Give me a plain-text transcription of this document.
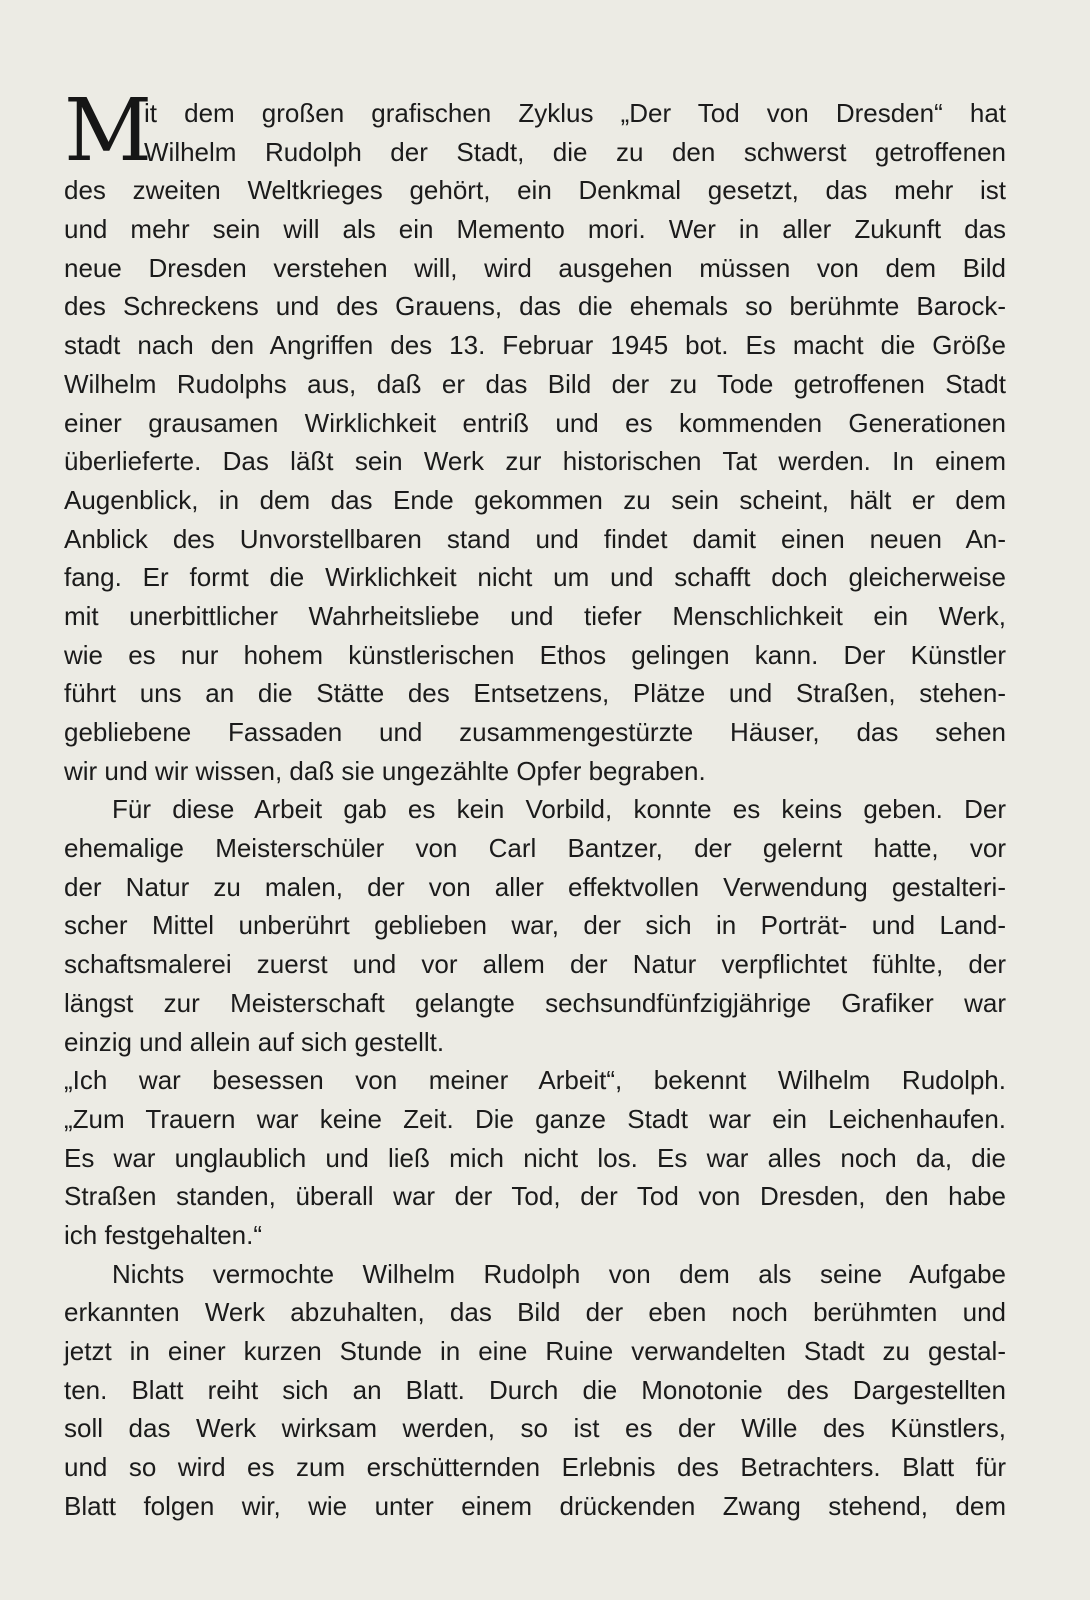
M
it dem großen grafischen Zyklus „Der Tod von Dresden“ hat
Wilhelm Rudolph der Stadt, die zu den schwerst getroffenen
des zweiten Weltkrieges gehört, ein Denkmal gesetzt, das mehr ist
und mehr sein will als ein Memento mori. Wer in aller Zukunft das
neue Dresden verstehen will, wird ausgehen müssen von dem Bild
des Schreckens und des Grauens, das die ehemals so berühmte Barock-
stadt nach den Angriffen des 13. Februar 1945 bot. Es macht die Größe
Wilhelm Rudolphs aus, daß er das Bild der zu Tode getroffenen Stadt
einer grausamen Wirklichkeit entriß und es kommenden Generationen
überlieferte. Das läßt sein Werk zur historischen Tat werden. In einem
Augenblick, in dem das Ende gekommen zu sein scheint, hält er dem
Anblick des Unvorstellbaren stand und findet damit einen neuen An-
fang. Er formt die Wirklichkeit nicht um und schafft doch gleicherweise
mit unerbittlicher Wahrheitsliebe und tiefer Menschlichkeit ein Werk,
wie es nur hohem künstlerischen Ethos gelingen kann. Der Künstler
führt uns an die Stätte des Entsetzens, Plätze und Straßen, stehen-
gebliebene Fassaden und zusammengestürzte Häuser, das sehen
wir und wir wissen, daß sie ungezählte Opfer begraben.
Für diese Arbeit gab es kein Vorbild, konnte es keins geben. Der
ehemalige Meisterschüler von Carl Bantzer, der gelernt hatte, vor
der Natur zu malen, der von aller effektvollen Verwendung gestalteri-
scher Mittel unberührt geblieben war, der sich in Porträt- und Land-
schaftsmalerei zuerst und vor allem der Natur verpflichtet fühlte, der
längst zur Meisterschaft gelangte sechsundfünfzigjährige Grafiker war
einzig und allein auf sich gestellt.
„Ich war besessen von meiner Arbeit“, bekennt Wilhelm Rudolph.
„Zum Trauern war keine Zeit. Die ganze Stadt war ein Leichenhaufen.
Es war unglaublich und ließ mich nicht los. Es war alles noch da, die
Straßen standen, überall war der Tod, der Tod von Dresden, den habe
ich festgehalten.“
Nichts vermochte Wilhelm Rudolph von dem als seine Aufgabe
erkannten Werk abzuhalten, das Bild der eben noch berühmten und
jetzt in einer kurzen Stunde in eine Ruine verwandelten Stadt zu gestal-
ten. Blatt reiht sich an Blatt. Durch die Monotonie des Dargestellten
soll das Werk wirksam werden, so ist es der Wille des Künstlers,
und so wird es zum erschütternden Erlebnis des Betrachters. Blatt für
Blatt folgen wir, wie unter einem drückenden Zwang stehend, dem
